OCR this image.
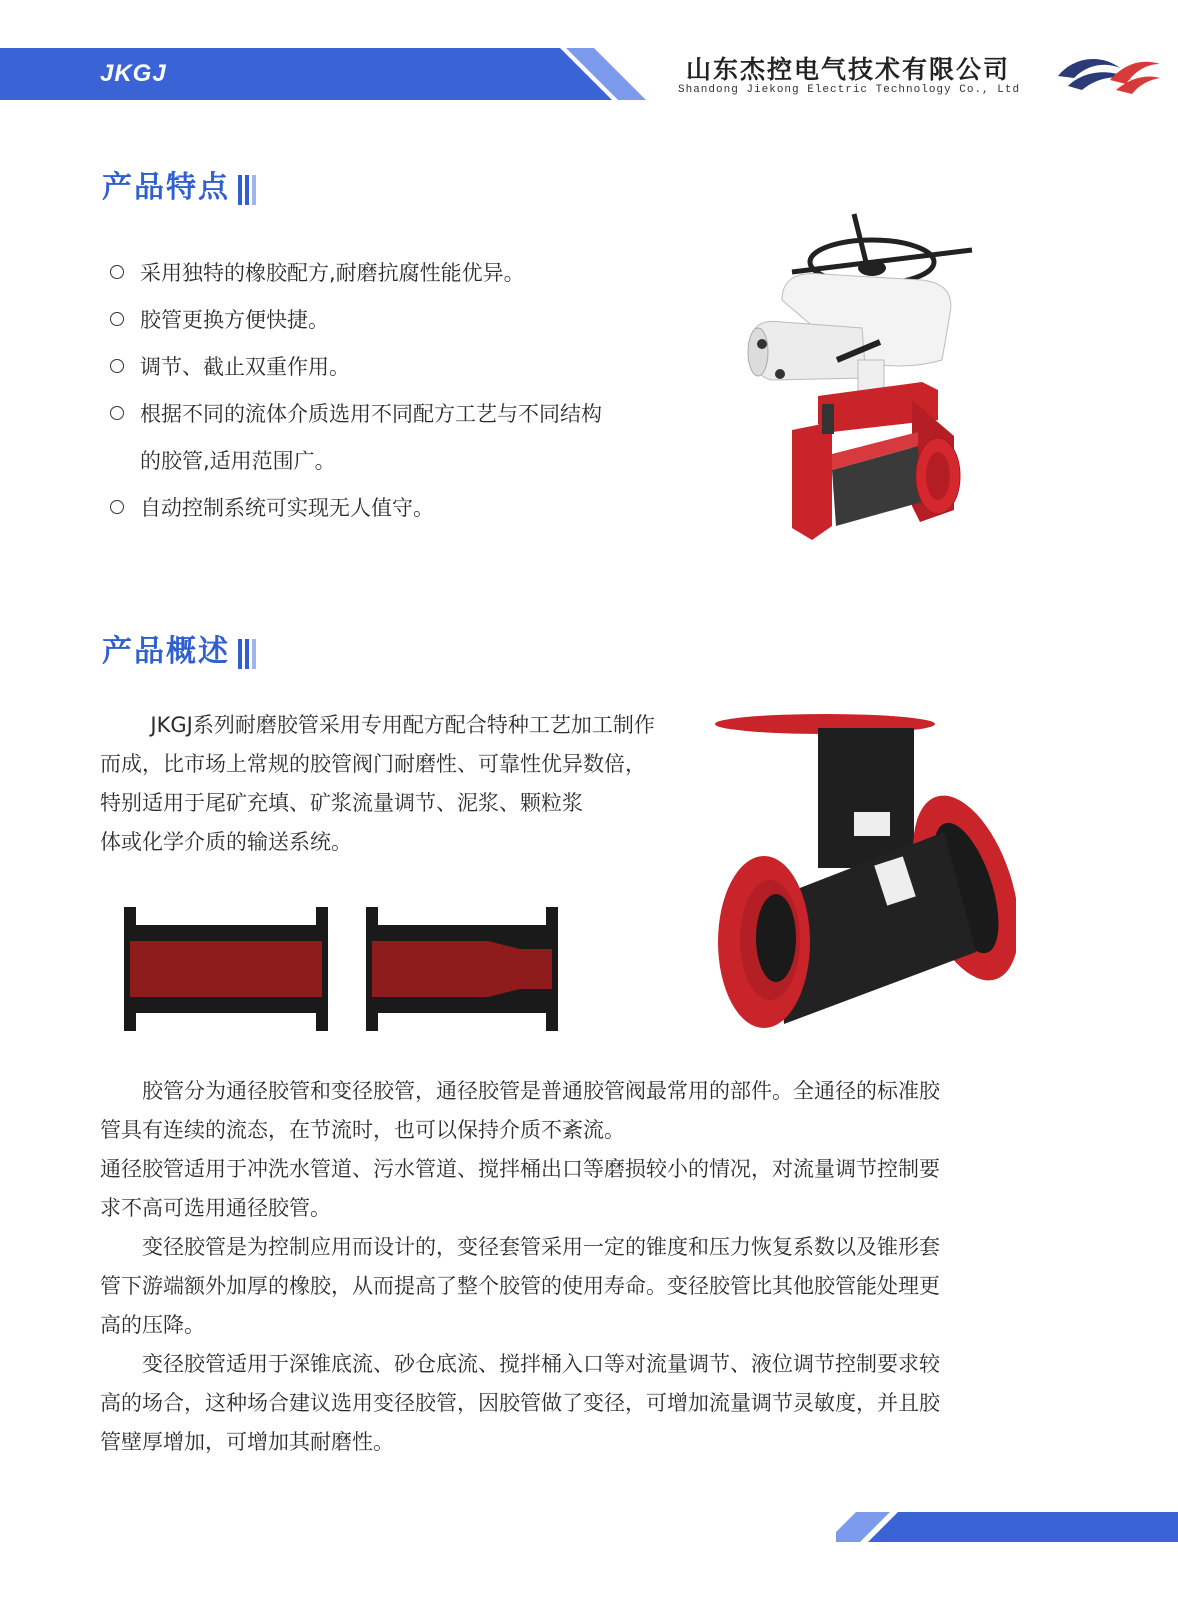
JKGJ	山东杰控电气技术有限公司
Shandong Jiekong Electric Technology Co., Ltd
产品特点
采用独特的橡胶配方,耐磨抗腐性能优异。
胶管更换方便快捷。
调节、截止双重作用。
根据不同的流体介质选用不同配方工艺与不同结构
的胶管,适用范围广。
自动控制系统可实现无人值守。
产品概述
JKGJ系列耐磨胶管采用专用配方配合特种工艺加工制作
而成，比市场上常规的胶管阀门耐磨性、可靠性优异数倍，
特别适用于尾矿充填、矿浆流量调节、泥浆、颗粒浆
体或化学介质的输送系统。
胶管分为通径胶管和变径胶管，通径胶管是普通胶管阀最常用的部件。全通径的标准胶
管具有连续的流态，在节流时，也可以保持介质不紊流。
通径胶管适用于冲洗水管道、污水管道、搅拌桶出口等磨损较小的情况，对流量调节控制要
求不高可选用通径胶管。
变径胶管是为控制应用而设计的，变径套管采用一定的锥度和压力恢复系数以及锥形套
管下游端额外加厚的橡胶，从而提高了整个胶管的使用寿命。变径胶管比其他胶管能处理更
高的压降。
变径胶管适用于深锥底流、砂仓底流、搅拌桶入口等对流量调节、液位调节控制要求较
高的场合，这种场合建议选用变径胶管，因胶管做了变径，可增加流量调节灵敏度，并且胶
管壁厚增加，可增加其耐磨性。
